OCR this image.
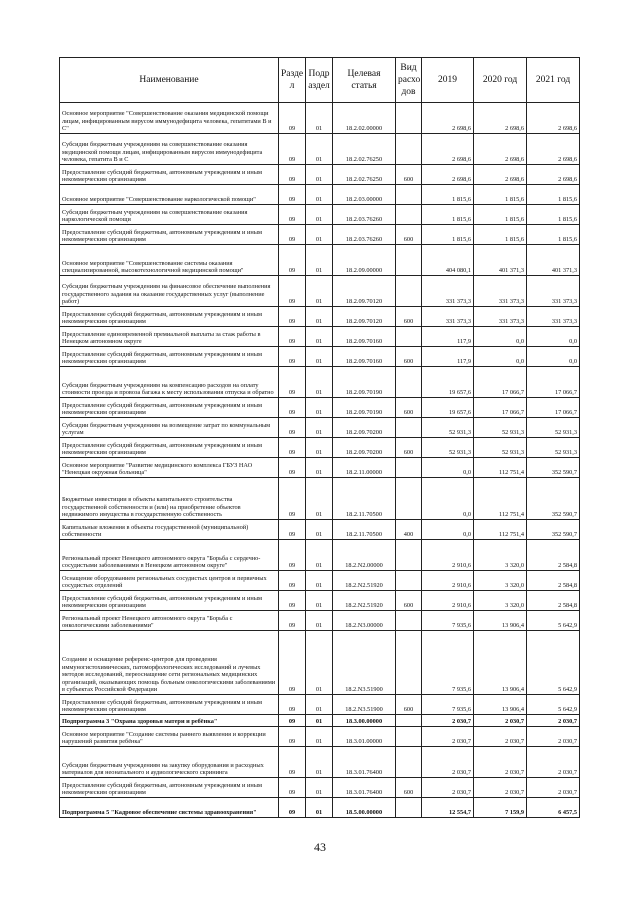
Наименование	Разде л	Подр аздел	Целевая статья	Вид расхо дов	2019	2020 год	2021 год
Основное мероприятие "Совершенствование оказания медицинской помощи лицам, инфицированным вирусом иммунодефицита человека, гепатитами B и C"	09	01	18.2.02.00000		2 698,6	2 698,6	2 698,6
Субсидии бюджетным учреждениям на совершенствование оказания медицинской помощи лицам, инфицированным вирусом иммунодефицита человека, гепатита B и C	09	01	18.2.02.76250		2 698,6	2 698,6	2 698,6
Предоставление субсидий бюджетным, автономным учреждениям и иным некоммерческим организациям	09	01	18.2.02.76250	600	2 698,6	2 698,6	2 698,6
Основное мероприятие "Совершенствование наркологической помощи"	09	01	18.2.03.00000		1 815,6	1 815,6	1 815,6
Субсидии бюджетным учреждениям на совершенствование оказания наркологической помощи	09	01	18.2.03.76260		1 815,6	1 815,6	1 815,6
Предоставление субсидий бюджетным, автономным учреждениям и иным некоммерческим организациям	09	01	18.2.03.76260	600	1 815,6	1 815,6	1 815,6
Основное мероприятие "Совершенствование системы оказания специализированной, высокотехнологичной медицинской помощи"	09	01	18.2.09.00000		404 080,1	401 371,3	401 371,3
Субсидии бюджетным учреждениям на финансовое обеспечение выполнения государственного задания на оказание государственных услуг (выполнение работ)	09	01	18.2.09.70120		331 373,3	331 373,3	331 373,3
Предоставление субсидий бюджетным, автономным учреждениям и иным некоммерческим организациям	09	01	18.2.09.70120	600	331 373,3	331 373,3	331 373,3
Предоставление единовременной премиальной выплаты за стаж работы в Ненецком автономном округе	09	01	18.2.09.70160		117,9	0,0	0,0
Предоставление субсидий бюджетным, автономным учреждениям и иным некоммерческим организациям	09	01	18.2.09.70160	600	117,9	0,0	0,0
Субсидии бюджетным учреждениям на компенсацию расходов на оплату стоимости проезда и провоза багажа к месту использования отпуска и обратно	09	01	18.2.09.70190		19 657,6	17 066,7	17 066,7
Предоставление субсидий бюджетным, автономным учреждениям и иным некоммерческим организациям	09	01	18.2.09.70190	600	19 657,6	17 066,7	17 066,7
Субсидии бюджетным учреждениям на возмещение затрат по коммунальным услугам	09	01	18.2.09.70200		52 931,3	52 931,3	52 931,3
Предоставление субсидий бюджетным, автономным учреждениям и иным некоммерческим организациям	09	01	18.2.09.70200	600	52 931,3	52 931,3	52 931,3
Основное мероприятие "Развитие медицинского комплекса ГБУЗ НАО "Ненецкая окружная больница"	09	01	18.2.11.00000		0,0	112 751,4	352 590,7
Бюджетные инвестиции в объекты капитального строительства государственной собственности и (или) на приобретение объектов недвижимого имущества в государственную собственность	09	01	18.2.11.70500		0,0	112 751,4	352 590,7
Капитальные вложения в объекты государственной (муниципальной) собственности	09	01	18.2.11.70500	400	0,0	112 751,4	352 590,7
Региональный проект Ненецкого автономного округа "Борьба с сердечно-сосудистыми заболеваниями в Ненецком автономном округе"	09	01	18.2.N2.00000		2 910,6	3 320,0	2 584,8
Оснащение оборудованием региональных сосудистых центров и первичных сосудистых отделений	09	01	18.2.N2.51920		2 910,6	3 320,0	2 584,8
Предоставление субсидий бюджетным, автономным учреждениям и иным некоммерческим организациям	09	01	18.2.N2.51920	600	2 910,6	3 320,0	2 584,8
Региональный проект Ненецкого автономного округа "Борьба с онкологическими заболеваниями"	09	01	18.2.N3.00000		7 935,6	13 906,4	5 642,9
Создание и оснащение референс-центров для проведения иммуногистохимических, патоморфологических исследований и лучевых методов исследований, переоснащение сети региональных медицинских организаций, оказывающих помощь больным онкологическими заболеваниями в субъектах Российской Федерации	09	01	18.2.N3.51900		7 935,6	13 906,4	5 642,9
Предоставление субсидий бюджетным, автономным учреждениям и иным некоммерческим организациям	09	01	18.2.N3.51900	600	7 935,6	13 906,4	5 642,9
Подпрограмма 3 "Охрана здоровья матери и ребёнка"	09	01	18.3.00.00000		2 030,7	2 030,7	2 030,7
Основное мероприятие "Создание системы раннего выявления и коррекции нарушений развития ребёнка"	09	01	18.3.01.00000		2 030,7	2 030,7	2 030,7
Субсидии бюджетным учреждениям на закупку оборудования и расходных материалов для неонатального и аудиологического скрининга	09	01	18.3.01.76400		2 030,7	2 030,7	2 030,7
Предоставление субсидий бюджетным, автономным учреждениям и иным некоммерческим организациям	09	01	18.3.01.76400	600	2 030,7	2 030,7	2 030,7
Подпрограмма 5 "Кадровое обеспечение системы здравоохранения"	09	01	18.5.00.00000		12 554,7	7 159,9	6 457,5
43
